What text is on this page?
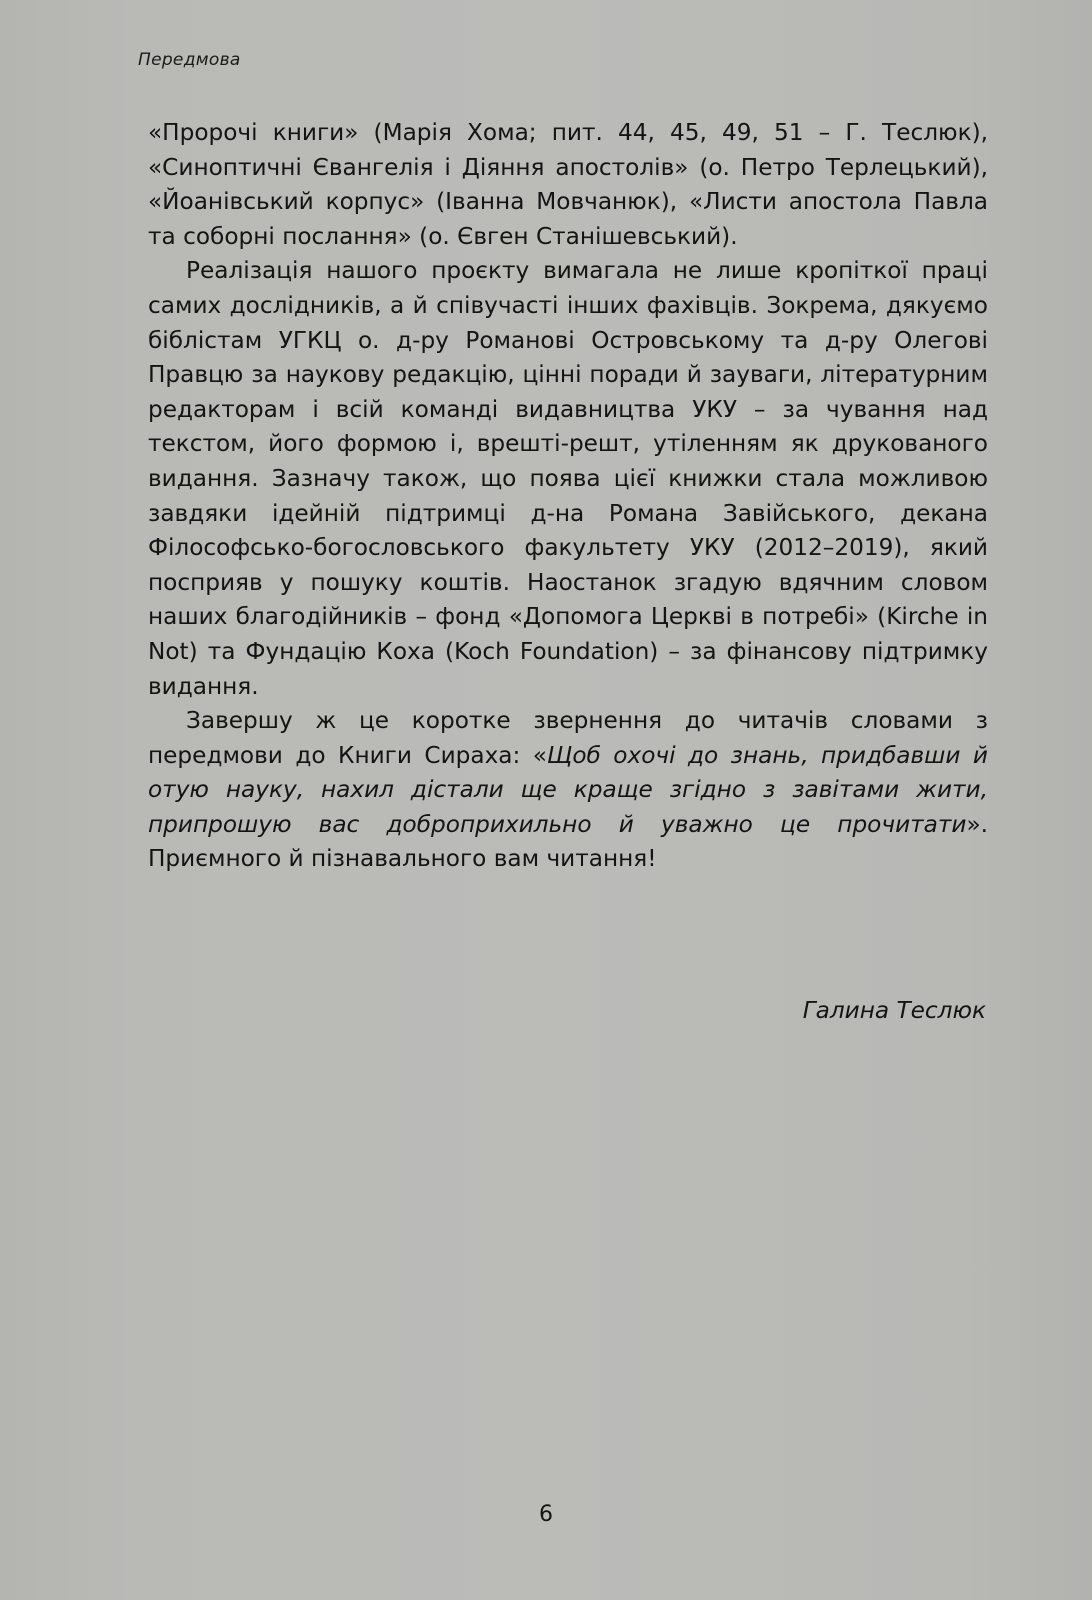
Передмова

«Пророчі книги» (Марія Хома; пит. 44, 45, 49, 51 – Г. Теслюк), «Синоптичні Євангелія і Діяння апостолів» (о. Петро Терлецький), «Йоанівський корпус» (Іванна Мовчанюк), «Листи апостола Павла та соборні послання» (о. Євген Станішевський).

Реалізація нашого проєкту вимагала не лише кропіткої праці самих дослідників, а й співучасті інших фахівців. Зокрема, дякуємо біблістам УГКЦ о. д-ру Романові Островському та д-ру Олегові Правцю за наукову редакцію, цінні поради й зауваги, літературним редакторам і всій команді видавництва УКУ – за чування над текстом, його формою і, врешті-решт, утіленням як друкованого видання. Зазначу також, що поява цієї книжки стала можливою завдяки ідейній підтримці д-на Романа Завійського, декана Філософсько-богословського факультету УКУ (2012–2019), який посприяв у пошуку коштів. Наостанок згадую вдячним словом наших благодійників – фонд «Допомога Церкві в потребі» (Kirche in Not) та Фундацію Коха (Koch Foundation) – за фінансову підтримку видання.

Завершу ж це коротке звернення до читачів словами з передмови до Книги Сираха: «Щоб охочі до знань, придбавши й отую науку, нахил дістали ще краще згідно з завітами жити, припрошую вас доброприхильно й уважно це прочитати». Приємного й пізнавального вам читання!

Галина Теслюк
6
